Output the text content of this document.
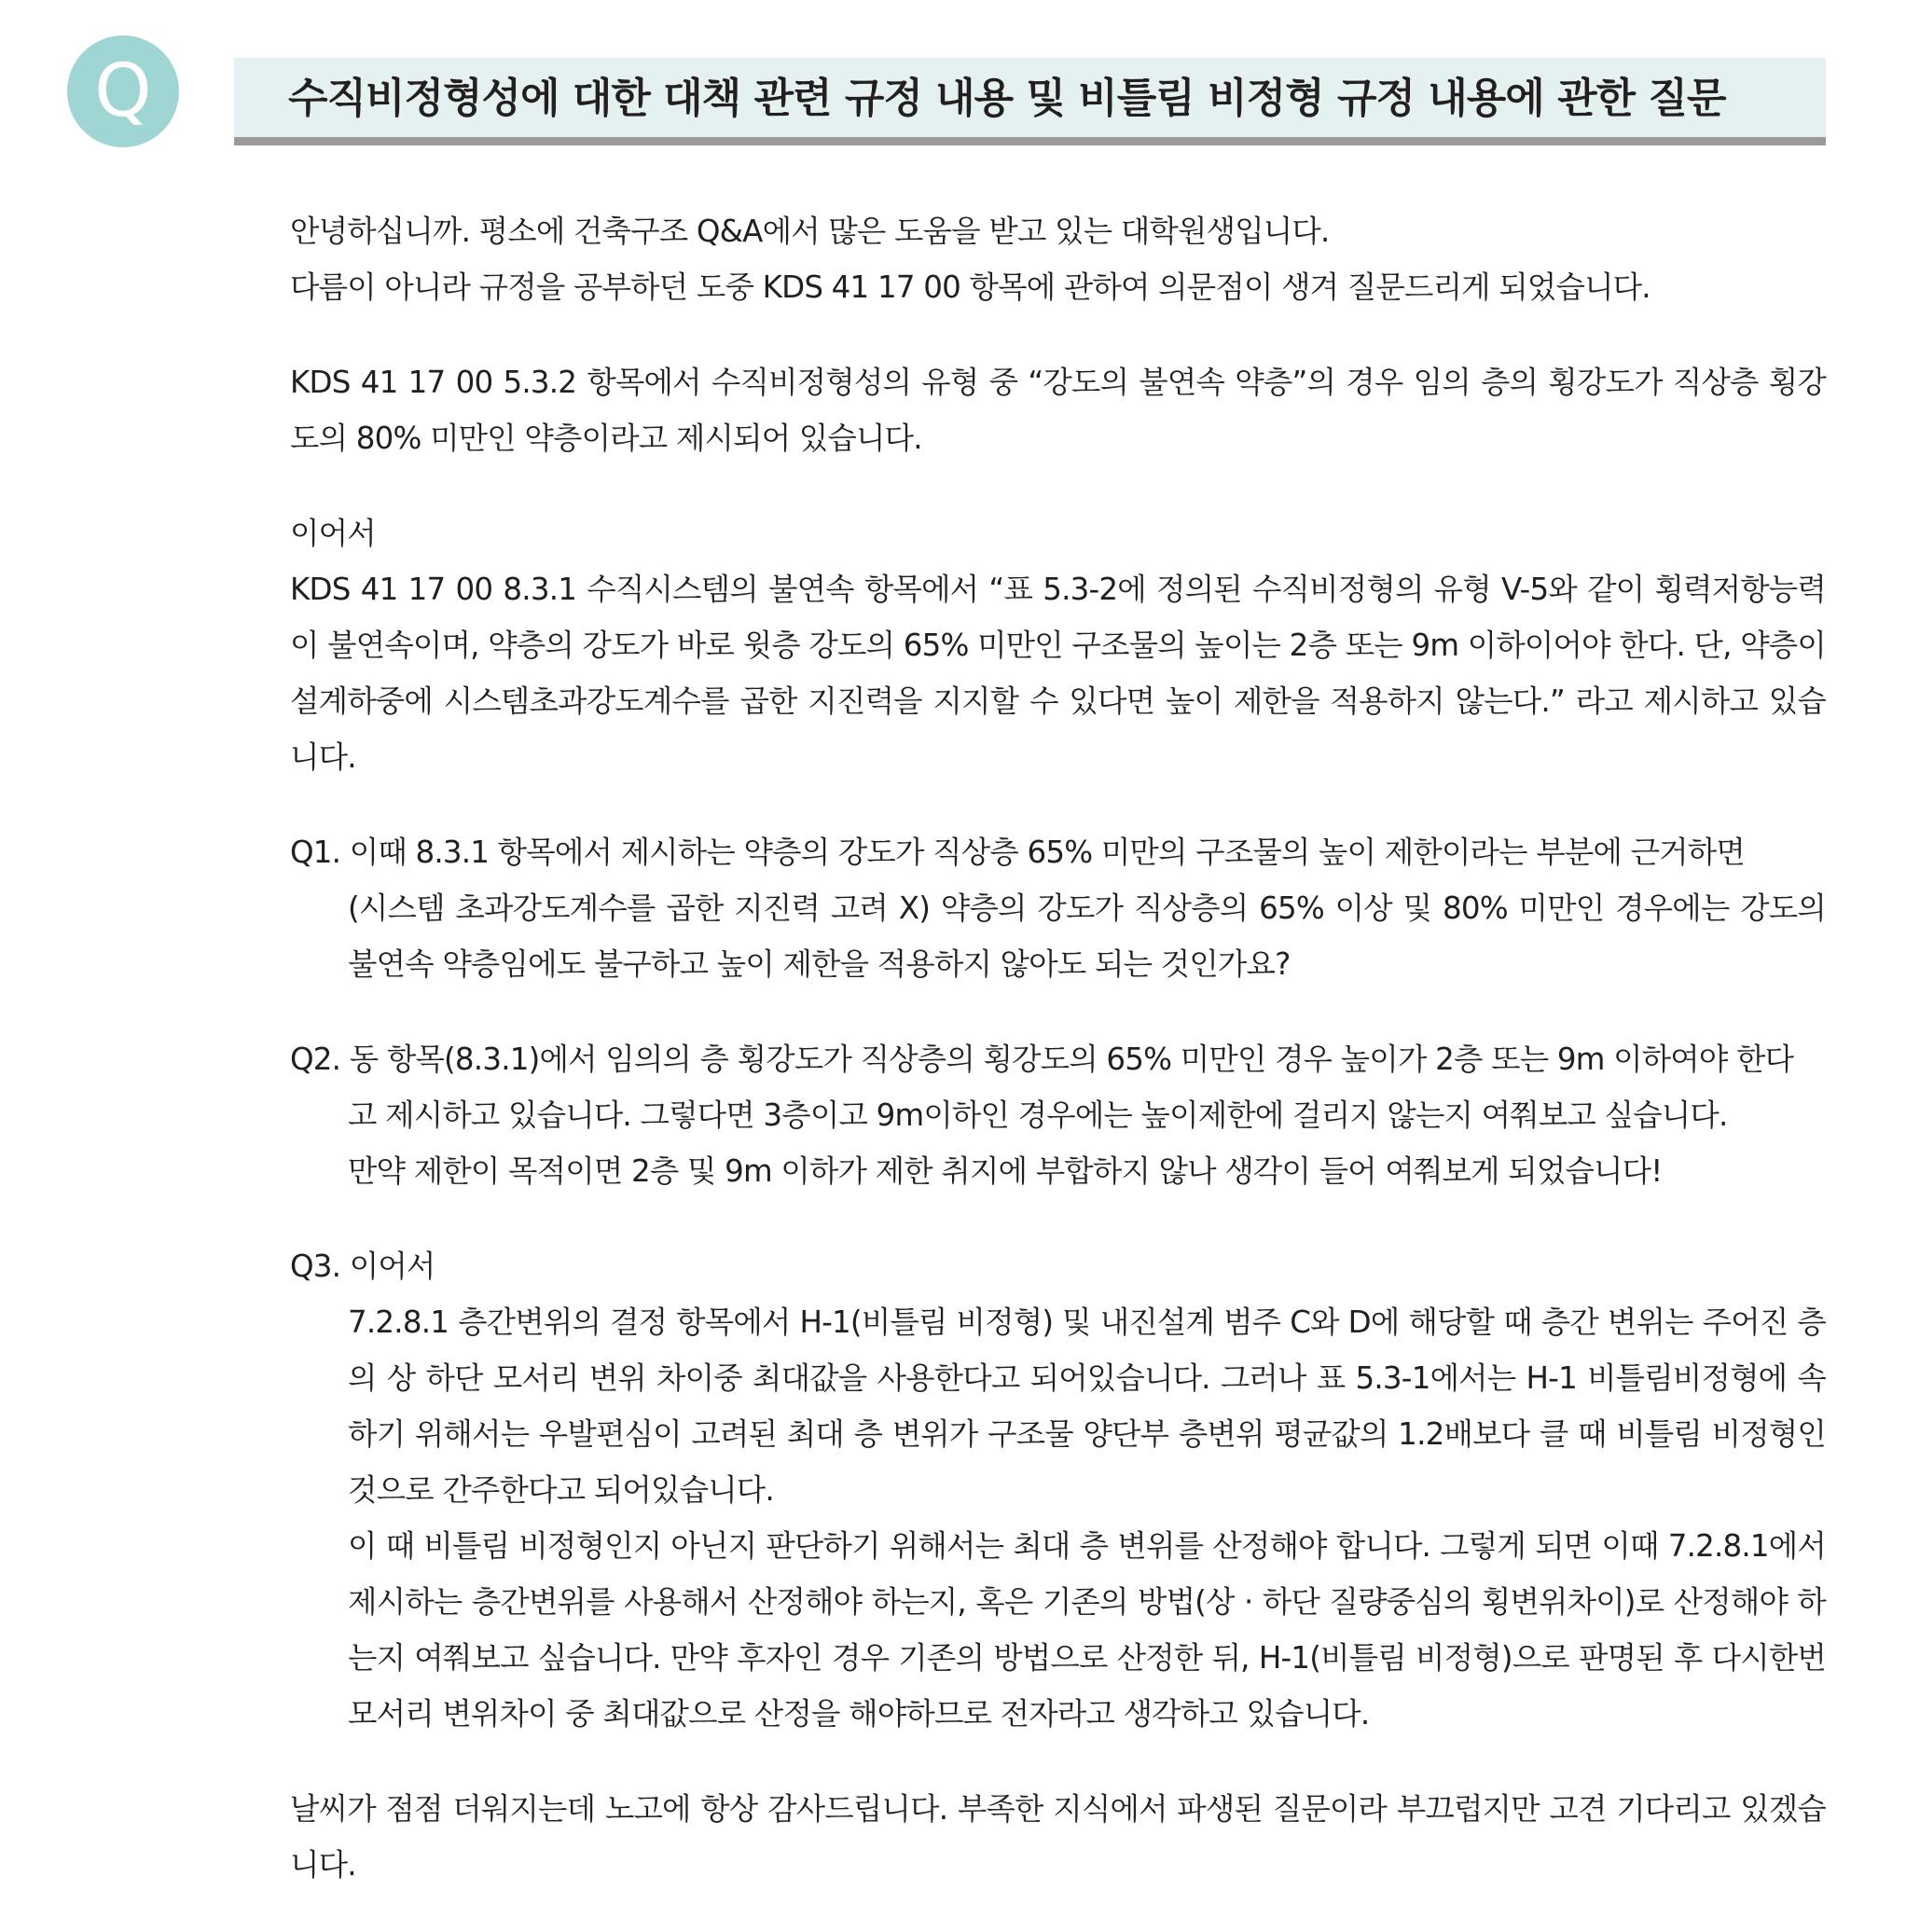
Q	수직비정형성에 대한 대책 관련 규정 내용 및 비틀림 비정형 규정 내용에 관한 질문
안녕하십니까. 평소에 건축구조 Q&A에서 많은 도움을 받고 있는 대학원생입니다.
다름이 아니라 규정을 공부하던 도중 KDS 41 17 00 항목에 관하여 의문점이 생겨 질문드리게 되었습니다.
KDS 41 17 00 5.3.2 항목에서 수직비정형성의 유형 중 “강도의 불연속 약층”의 경우 임의 층의 횡강도가 직상층 횡강도의 80% 미만인 약층이라고 제시되어 있습니다.
이어서
KDS 41 17 00 8.3.1 수직시스템의 불연속 항목에서 “표 5.3-2에 정의된 수직비정형의 유형 V-5와 같이 횡력저항능력이 불연속이며, 약층의 강도가 바로 윗층 강도의 65% 미만인 구조물의 높이는 2층 또는 9m 이하이어야 한다. 단, 약층이 설계하중에 시스템초과강도계수를 곱한 지진력을 지지할 수 있다면 높이 제한을 적용하지 않는다.” 라고 제시하고 있습니다.
Q1. 이때 8.3.1 항목에서 제시하는 약층의 강도가 직상층 65% 미만의 구조물의 높이 제한이라는 부분에 근거하면
(시스템 초과강도계수를 곱한 지진력 고려 X) 약층의 강도가 직상층의 65% 이상 및 80% 미만인 경우에는 강도의 불연속 약층임에도 불구하고 높이 제한을 적용하지 않아도 되는 것인가요?
Q2. 동 항목(8.3.1)에서 임의의 층 횡강도가 직상층의 횡강도의 65% 미만인 경우 높이가 2층 또는 9m 이하여야 한다
고 제시하고 있습니다. 그렇다면 3층이고 9m이하인 경우에는 높이제한에 걸리지 않는지 여쭤보고 싶습니다.
만약 제한이 목적이면 2층 및 9m 이하가 제한 취지에 부합하지 않나 생각이 들어 여쭤보게 되었습니다!
Q3. 이어서
7.2.8.1 층간변위의 결정 항목에서 H-1(비틀림 비정형) 및 내진설계 범주 C와 D에 해당할 때 층간 변위는 주어진 층의 상 하단 모서리 변위 차이중 최대값을 사용한다고 되어있습니다. 그러나 표 5.3-1에서는 H-1 비틀림비정형에 속하기 위해서는 우발편심이 고려된 최대 층 변위가 구조물 양단부 층변위 평균값의 1.2배보다 클 때 비틀림 비정형인 것으로 간주한다고 되어있습니다.
이 때 비틀림 비정형인지 아닌지 판단하기 위해서는 최대 층 변위를 산정해야 합니다. 그렇게 되면 이때 7.2.8.1에서 제시하는 층간변위를 사용해서 산정해야 하는지, 혹은 기존의 방법(상 · 하단 질량중심의 횡변위차이)로 산정해야 하는지 여쭤보고 싶습니다. 만약 후자인 경우 기존의 방법으로 산정한 뒤, H-1(비틀림 비정형)으로 판명된 후 다시한번 모서리 변위차이 중 최대값으로 산정을 해야하므로 전자라고 생각하고 있습니다.
날씨가 점점 더워지는데 노고에 항상 감사드립니다. 부족한 지식에서 파생된 질문이라 부끄럽지만 고견 기다리고 있겠습니다.
